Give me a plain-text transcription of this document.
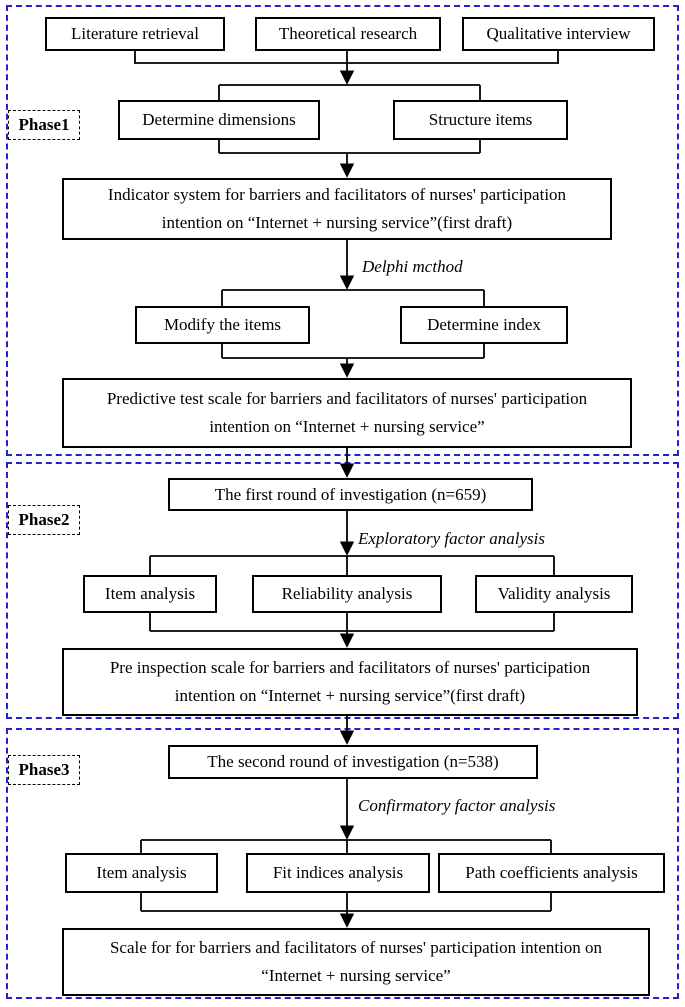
Phase1
Literature retrieval	Theoretical research	Qualitative interview
Determine dimensions	Structure items
Indicator system for barriers and facilitators of nurses' participation
intention on “Internet + nursing service”(first draft)
Delphi mcthod
Modify the items	Determine index
Predictive test scale for barriers and facilitators of nurses' participation
intention on “Internet + nursing service”
Phase2
The first round of investigation (n=659)
Exploratory factor analysis
Item analysis	Reliability analysis	Validity analysis
Pre inspection scale for barriers and facilitators of nurses' participation
intention on “Internet + nursing service”(first draft)
Phase3	The second round of investigation (n=538)
Confirmatory factor analysis
Item analysis	Fit indices analysis	Path coefficients analysis
Scale for for barriers and facilitators of nurses' participation intention on
“Internet + nursing service”
